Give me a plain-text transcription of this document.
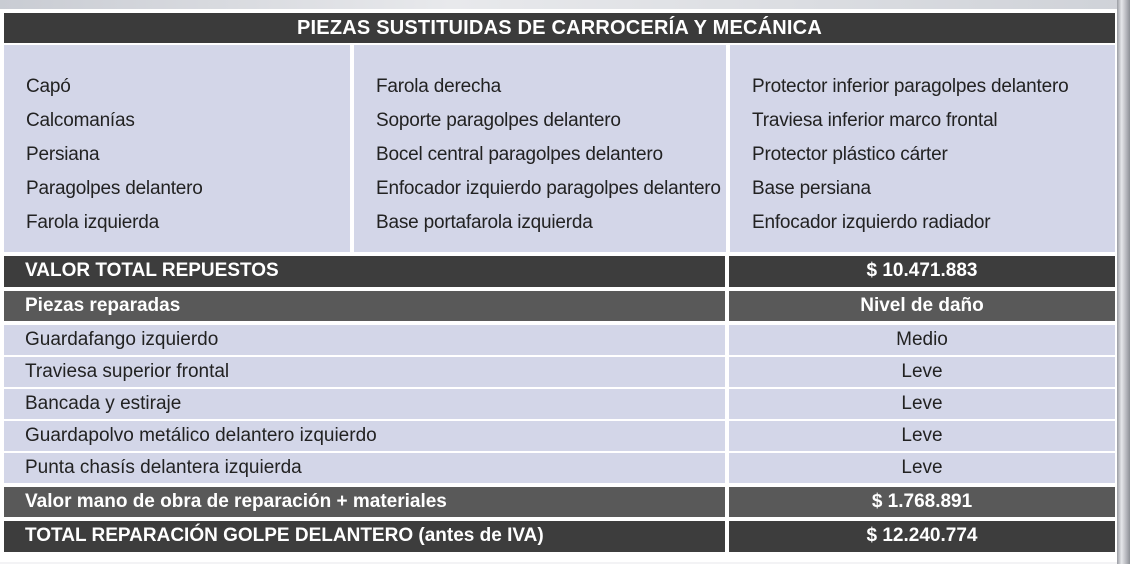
PIEZAS SUSTITUIDAS DE CARROCERÍA Y MECÁNICA
Capó
Calcomanías
Persiana
Paragolpes delantero
Farola izquierda
Farola derecha
Soporte paragolpes delantero
Bocel central paragolpes delantero
Enfocador izquierdo paragolpes delantero
Base portafarola izquierda
Protector inferior paragolpes delantero
Traviesa inferior marco frontal
Protector plástico cárter
Base persiana
Enfocador izquierdo radiador
VALOR TOTAL REPUESTOS	$ 10.471.883
Piezas reparadas	Nivel de daño
Guardafango izquierdo	Medio
Traviesa superior frontal	Leve
Bancada y estiraje	Leve
Guardapolvo metálico delantero izquierdo	Leve
Punta chasís delantera izquierda	Leve
Valor mano de obra de reparación + materiales	$ 1.768.891
TOTAL REPARACIÓN GOLPE DELANTERO (antes de IVA)	$ 12.240.774
